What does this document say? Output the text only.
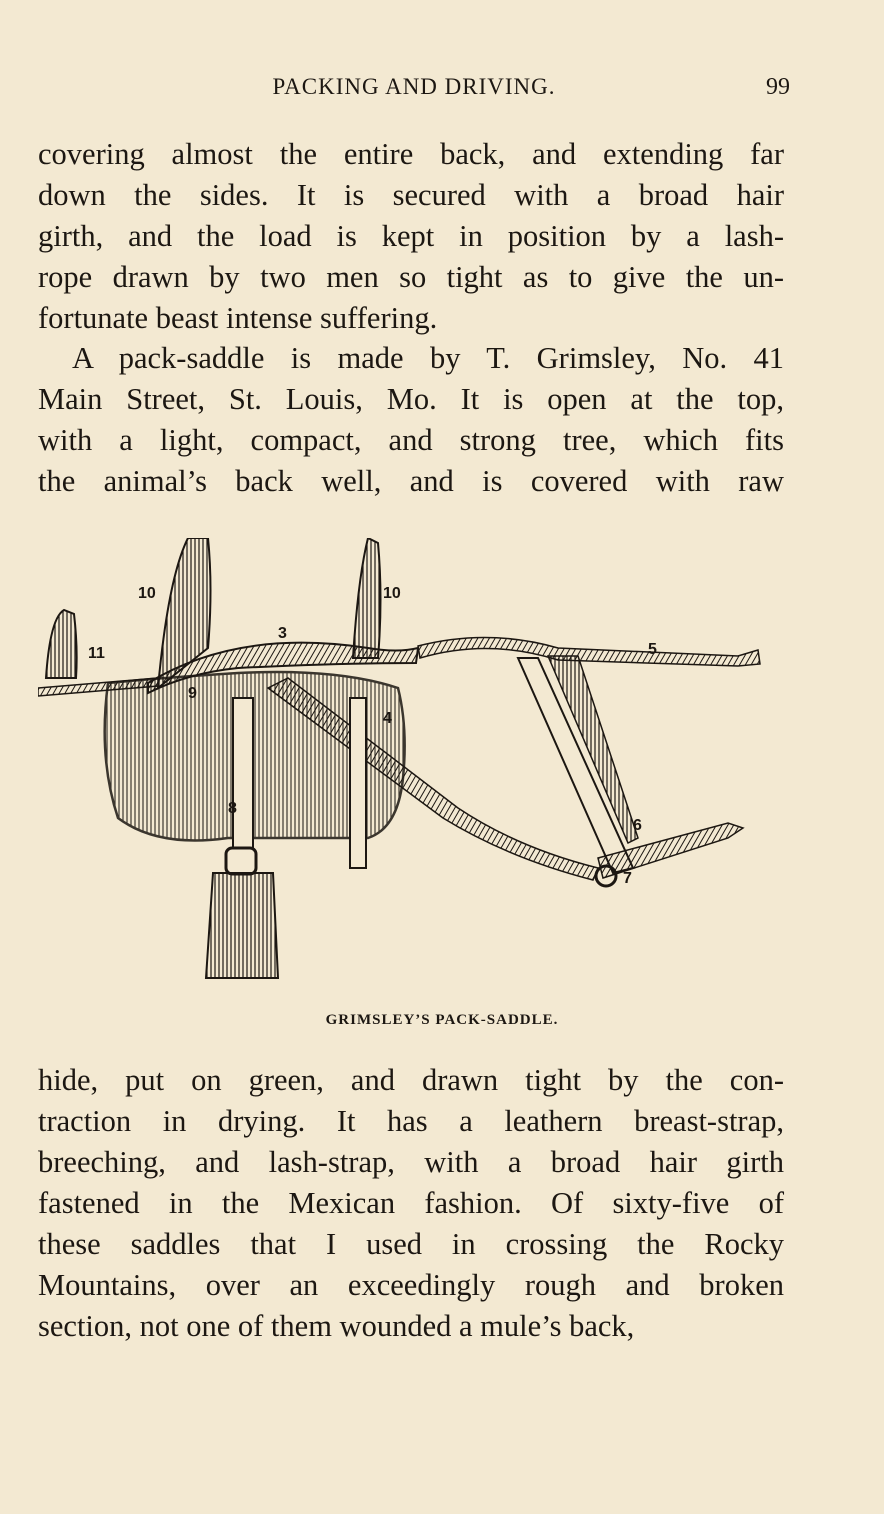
PACKING AND DRIVING.	99
covering almost the entire back, and extending far
down the sides. It is secured with a broad hair
girth, and the load is kept in position by a lash-
rope drawn by two men so tight as to give the un-
fortunate beast intense suffering.
A pack-saddle is made by T. Grimsley, No. 41
Main Street, St. Louis, Mo. It is open at the top,
with a light, compact, and strong tree, which fits
the animal’s back well, and is covered with raw
10
11
3
10
5
9
4
8
6
7
GRIMSLEY’S PACK-SADDLE.
hide, put on green, and drawn tight by the con-
traction in drying. It has a leathern breast-strap,
breeching, and lash-strap, with a broad hair girth
fastened in the Mexican fashion. Of sixty-five of
these saddles that I used in crossing the Rocky
Mountains, over an exceedingly rough and broken
section, not one of them wounded a mule’s back,
